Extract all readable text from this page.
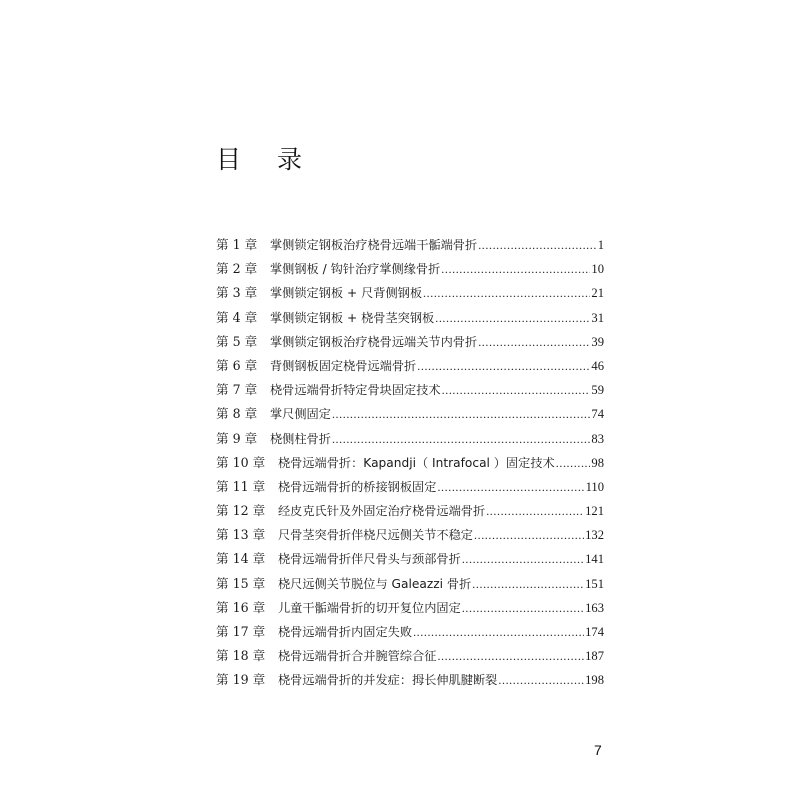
目 录
第 1 章	掌侧锁定钢板治疗桡骨远端干骺端骨折 .....	1
第 2 章	掌侧钢板 / 钩针治疗掌侧缘骨折 .....	10
第 3 章	掌侧锁定钢板 + 尺背侧钢板 .....	21
第 4 章	掌侧锁定钢板 + 桡骨茎突钢板 .....	31
第 5 章	掌侧锁定钢板治疗桡骨远端关节内骨折 .....	39
第 6 章	背侧钢板固定桡骨远端骨折 .....	46
第 7 章	桡骨远端骨折特定骨块固定技术 .....	59
第 8 章	掌尺侧固定 .....	74
第 9 章	桡侧柱骨折 .....	83
第 10 章	桡骨远端骨折：Kapandji（ Intrafocal ）固定技术 .....	98
第 11 章	桡骨远端骨折的桥接钢板固定 .....	110
第 12 章	经皮克氏针及外固定治疗桡骨远端骨折 .....	121
第 13 章	尺骨茎突骨折伴桡尺远侧关节不稳定 .....	132
第 14 章	桡骨远端骨折伴尺骨头与颈部骨折 .....	141
第 15 章	桡尺远侧关节脱位与 Galeazzi 骨折 .....	151
第 16 章	儿童干骺端骨折的切开复位内固定 .....	163
第 17 章	桡骨远端骨折内固定失败 .....	174
第 18 章	桡骨远端骨折合并腕管综合征 .....	187
第 19 章	桡骨远端骨折的并发症：拇长伸肌腱断裂 .....	198
7
